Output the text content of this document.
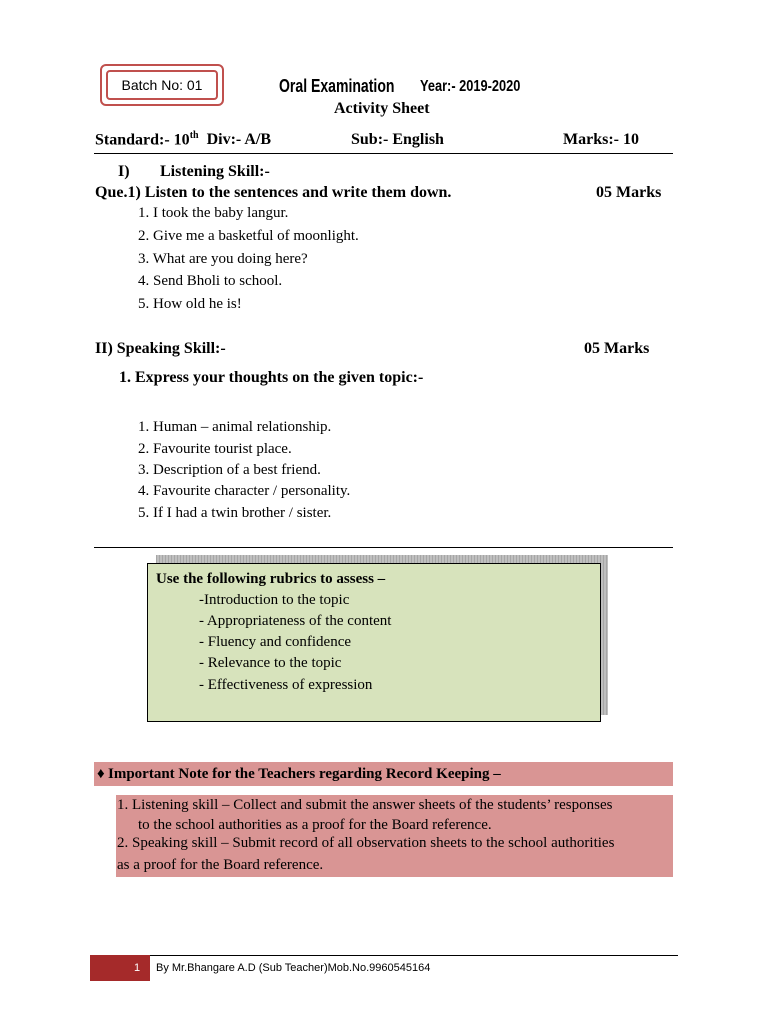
Batch No: 01	Oral Examination Year:- 2019-2020
Activity Sheet
Standard:- 10th Div:- A/B	Sub:- English	Marks:- 10
I) Listening Skill:-
Que.1) Listen to the sentences and write them down.	05 Marks
1. I took the baby langur.
2. Give me a basketful of moonlight.
3. What are you doing here?
4. Send Bholi to school.
5. How old he is!
II) Speaking Skill:-	05 Marks
1. Express your thoughts on the given topic:-
1. Human – animal relationship.
2. Favourite tourist place.
3. Description of a best friend.
4. Favourite character / personality.
5. If I had a twin brother / sister.
Use the following rubrics to assess –
-Introduction to the topic
- Appropriateness of the content
- Fluency and confidence
- Relevance to the topic
- Effectiveness of expression
♦ Important Note for the Teachers regarding Record Keeping –
1. Listening skill – Collect and submit the answer sheets of the students’ responses
to the school authorities as a proof for the Board reference.
2. Speaking skill – Submit record of all observation sheets to the school authorities
as a proof for the Board reference.
1 By Mr.Bhangare A.D (Sub Teacher)Mob.No.9960545164
